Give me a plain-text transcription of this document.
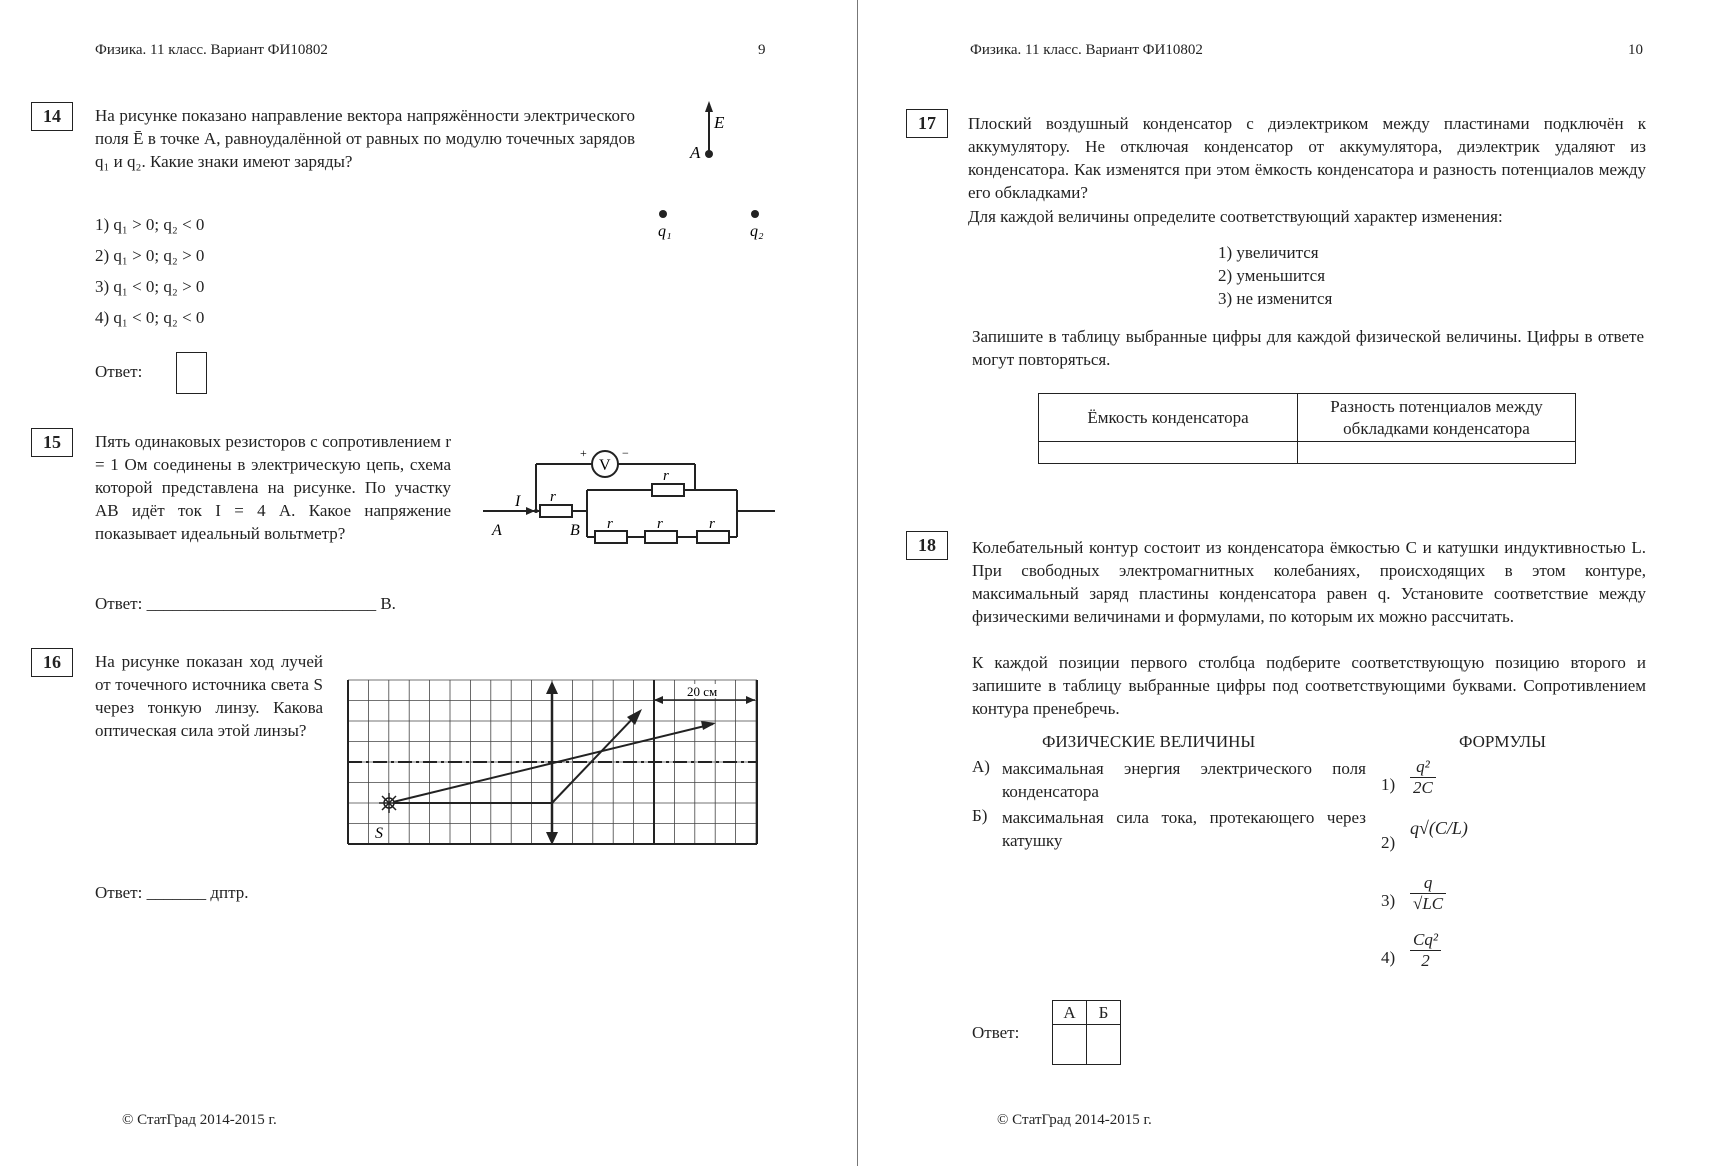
Физика. 11 класс. Вариант ФИ10802	9
14	На рисунке показано направление вектора напряжённости электрического поля Ē в точке A, равноудалённой от равных по модулю точечных зарядов q₁ и q₂. Какие знаки имеют заряды?
1) q₁ > 0; q₂ < 0
2) q₁ > 0; q₂ > 0
3) q₁ < 0; q₂ > 0
4) q₁ < 0; q₂ < 0
Ответ:
E
A
q₁	q₂
15	Пять одинаковых резисторов с сопротивлением r = 1 Ом соединены в электрическую цепь, схема которой представлена на рисунке. По участку AB идёт ток I = 4 А. Какое напряжение показывает идеальный вольтметр?
Ответ: ___________________________ В.
V
+	−
I r
r
r	r	r
A	B
16	На рисунке показан ход лучей от точечного источника света S через тонкую линзу. Какова оптическая сила этой линзы?
Ответ: _______ дптр.
20 см
S
© СтатГрад 2014-2015 г.
Физика. 11 класс. Вариант ФИ10802	10
17	Плоский воздушный конденсатор с диэлектриком между пластинами подключён к аккумулятору. Не отключая конденсатор от аккумулятора, диэлектрик удаляют из конденсатора. Как изменятся при этом ёмкость конденсатора и разность потенциалов между его обкладками?
Для каждой величины определите соответствующий характер изменения:
1) увеличится
2) уменьшится
3) не изменится
Запишите в таблицу выбранные цифры для каждой физической величины. Цифры в ответе могут повторяться.
Ёмкость конденсатора	Разность потенциалов между обкладками конденсатора

18	Колебательный контур состоит из конденсатора ёмкостью C и катушки индуктивностью L. При свободных электромагнитных колебаниях, происходящих в этом контуре, максимальный заряд пластины конденсатора равен q. Установите соответствие между физическими величинами и формулами, по которым их можно рассчитать.
К каждой позиции первого столбца подберите соответствующую позицию второго и запишите в таблицу выбранные цифры под соответствующими буквами. Сопротивлением контура пренебречь.
ФИЗИЧЕСКИЕ ВЕЛИЧИНЫ	ФОРМУЛЫ
А) максимальная энергия электрического поля конденсатора
Б) максимальная сила тока, протекающего через катушку
$1) \frac{\text{q²}}{2C}$
2)
q√(C/L)
$3) \frac{q}{√LC}$
$4) \frac{\text{Cq²}}{2}$
Ответ:
А	Б

© СтатГрад 2014-2015 г.
